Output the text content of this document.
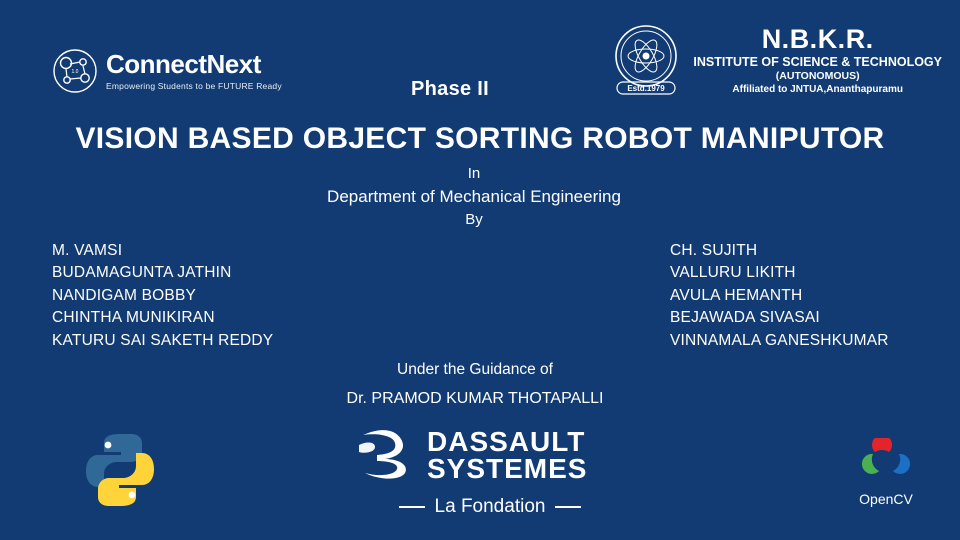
1.0 ConnectNext
Empowering Students to be FUTURE Ready	Estd.1979
N.B.K.R.
INSTITUTE OF SCIENCE & TECHNOLOGY
(AUTONOMOUS)
Affiliated to JNTUA,Ananthapuramu
Phase II
VISION BASED OBJECT SORTING ROBOT MANIPUTOR
In
Department of Mechanical Engineering
By
M. VAMSI
BUDAMAGUNTA JATHIN
NANDIGAM BOBBY
CHINTHA MUNIKIRAN
KATURU SAI SAKETH REDDY
CH. SUJITH
VALLURU LIKITH
AVULA HEMANTH
BEJAWADA SIVASAI
VINNAMALA GANESHKUMAR
Under the Guidance of
Dr. PRAMOD KUMAR THOTAPALLI
DASSAULT
SYSTEMES
La Fondation	OpenCV
